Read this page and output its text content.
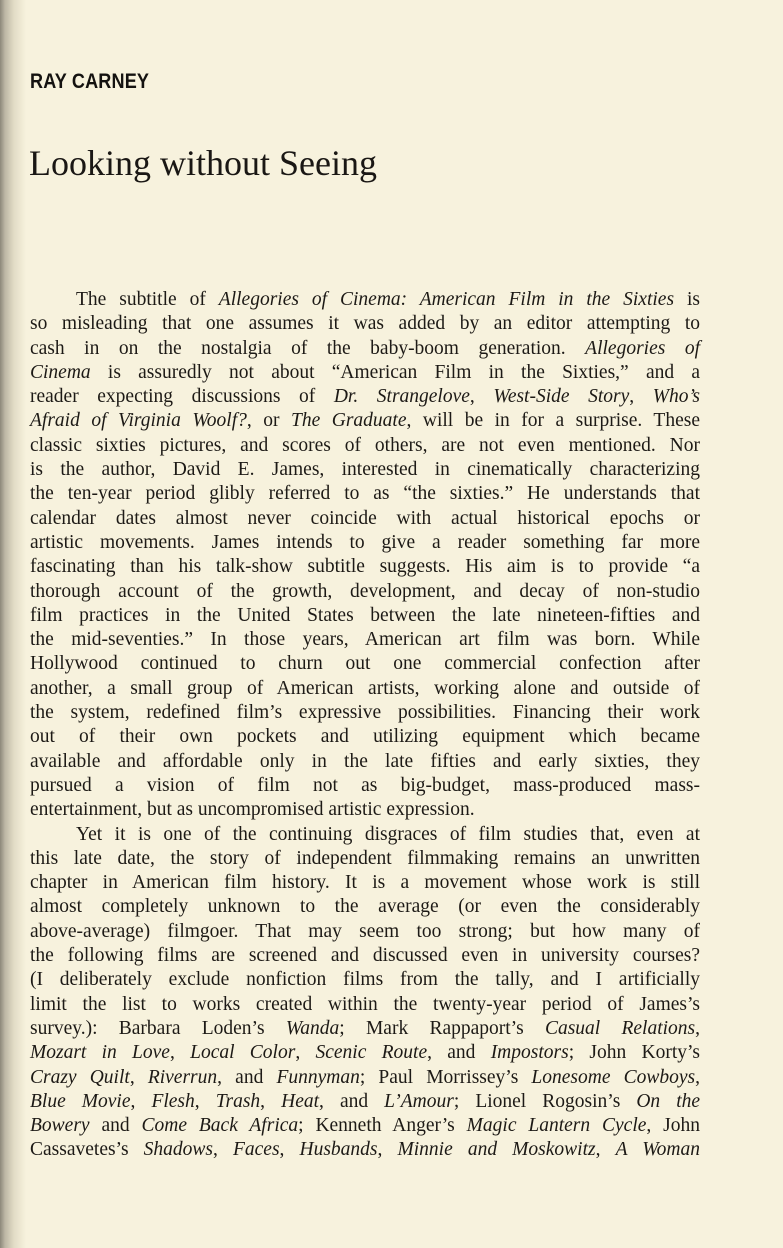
RAY CARNEY
Looking without Seeing
The subtitle of Allegories of Cinema: American Film in the Sixties is
so misleading that one assumes it was added by an editor attempting to
cash in on the nostalgia of the baby-boom generation. Allegories of
Cinema is assuredly not about “American Film in the Sixties,” and a
reader expecting discussions of Dr. Strangelove, West-Side Story, Who’s
Afraid of Virginia Woolf?, or The Graduate, will be in for a surprise. These
classic sixties pictures, and scores of others, are not even mentioned. Nor
is the author, David E. James, interested in cinematically characterizing
the ten-year period glibly referred to as “the sixties.” He understands that
calendar dates almost never coincide with actual historical epochs or
artistic movements. James intends to give a reader something far more
fascinating than his talk-show subtitle suggests. His aim is to provide “a
thorough account of the growth, development, and decay of non-studio
film practices in the United States between the late nineteen-fifties and
the mid-seventies.” In those years, American art film was born. While
Hollywood continued to churn out one commercial confection after
another, a small group of American artists, working alone and outside of
the system, redefined film’s expressive possibilities. Financing their work
out of their own pockets and utilizing equipment which became
available and affordable only in the late fifties and early sixties, they
pursued a vision of film not as big-budget, mass-produced mass-
entertainment, but as uncompromised artistic expression.
Yet it is one of the continuing disgraces of film studies that, even at
this late date, the story of independent filmmaking remains an unwritten
chapter in American film history. It is a movement whose work is still
almost completely unknown to the average (or even the considerably
above-average) filmgoer. That may seem too strong; but how many of
the following films are screened and discussed even in university courses?
(I deliberately exclude nonfiction films from the tally, and I artificially
limit the list to works created within the twenty-year period of James’s
survey.): Barbara Loden’s Wanda; Mark Rappaport’s Casual Relations,
Mozart in Love, Local Color, Scenic Route, and Impostors; John Korty’s
Crazy Quilt, Riverrun, and Funnyman; Paul Morrissey’s Lonesome Cowboys,
Blue Movie, Flesh, Trash, Heat, and L’Amour; Lionel Rogosin’s On the
Bowery and Come Back Africa; Kenneth Anger’s Magic Lantern Cycle, John
Cassavetes’s Shadows, Faces, Husbands, Minnie and Moskowitz, A Woman
